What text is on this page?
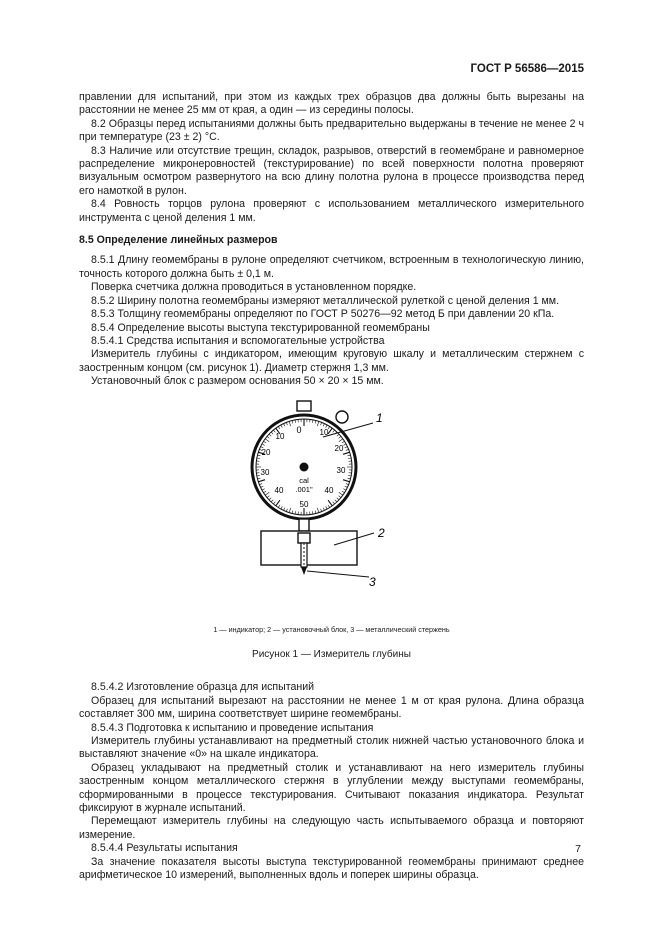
ГОСТ Р 56586—2015

правлении для испытаний, при этом из каждых трех образцов два должны быть вырезаны на расстоянии не менее 25 мм от края, а один — из середины полосы.

8.2 Образцы перед испытаниями должны быть предварительно выдержаны в течение не менее 2 ч при температуре (23 ± 2) °С.

8.3 Наличие или отсутствие трещин, складок, разрывов, отверстий в геомембране и равномерное распределение микронеровностей (текстурирование) по всей поверхности полотна проверяют визуальным осмотром развернутого на всю длину полотна рулона в процессе производства перед его намоткой в рулон.

8.4 Ровность торцов рулона проверяют с использованием металлического измерительного инструмента с ценой деления 1 мм.

8.5 Определение линейных размеров

8.5.1 Длину геомембраны в рулоне определяют счетчиком, встроенным в технологическую линию, точность которого должна быть ± 0,1 м.

Поверка счетчика должна проводиться в установленном порядке.

8.5.2 Ширину полотна геомембраны измеряют металлической рулеткой с ценой деления 1 мм.

8.5.3 Толщину геомембраны определяют по ГОСТ Р 50276—92 метод Б при давлении 20 кПа.

8.5.4 Определение высоты выступа текстурированной геомембраны

8.5.4.1 Средства испытания и вспомогательные устройства

Измеритель глубины с индикатором, имеющим круговую шкалу и металлическим стержнем с заостренным концом (см. рисунок 1). Диаметр стержня 1,3 мм.

Установочный блок с размером основания 50 × 20 × 15 мм.

0 10
10
20
20
30
30
40
40
50
cal
.001"
1
2
3
1 — индикатор; 2 — установочный блок, 3 — металлический стержень
Рисунок 1 — Измеритель глубины

8.5.4.2 Изготовление образца для испытаний

Образец для испытаний вырезают на расстоянии не менее 1 м от края рулона. Длина образца составляет 300 мм, ширина соответствует ширине геомембраны.

8.5.4.3 Подготовка к испытанию и проведение испытания

Измеритель глубины устанавливают на предметный столик нижней частью установочного блока и выставляют значение «0» на шкале индикатора.

Образец укладывают на предметный столик и устанавливают на него измеритель глубины заостренным концом металлического стержня в углублении между выступами геомембраны, сформированными в процессе текстурирования. Считывают показания индикатора. Результат фиксируют в журнале испытаний.

Перемещают измеритель глубины на следующую часть испытываемого образца и повторяют измерение.

8.5.4.4 Результаты испытания

За значение показателя высоты выступа текстурированной геомембраны принимают среднее арифметическое 10 измерений, выполненных вдоль и поперек ширины образца.

7
